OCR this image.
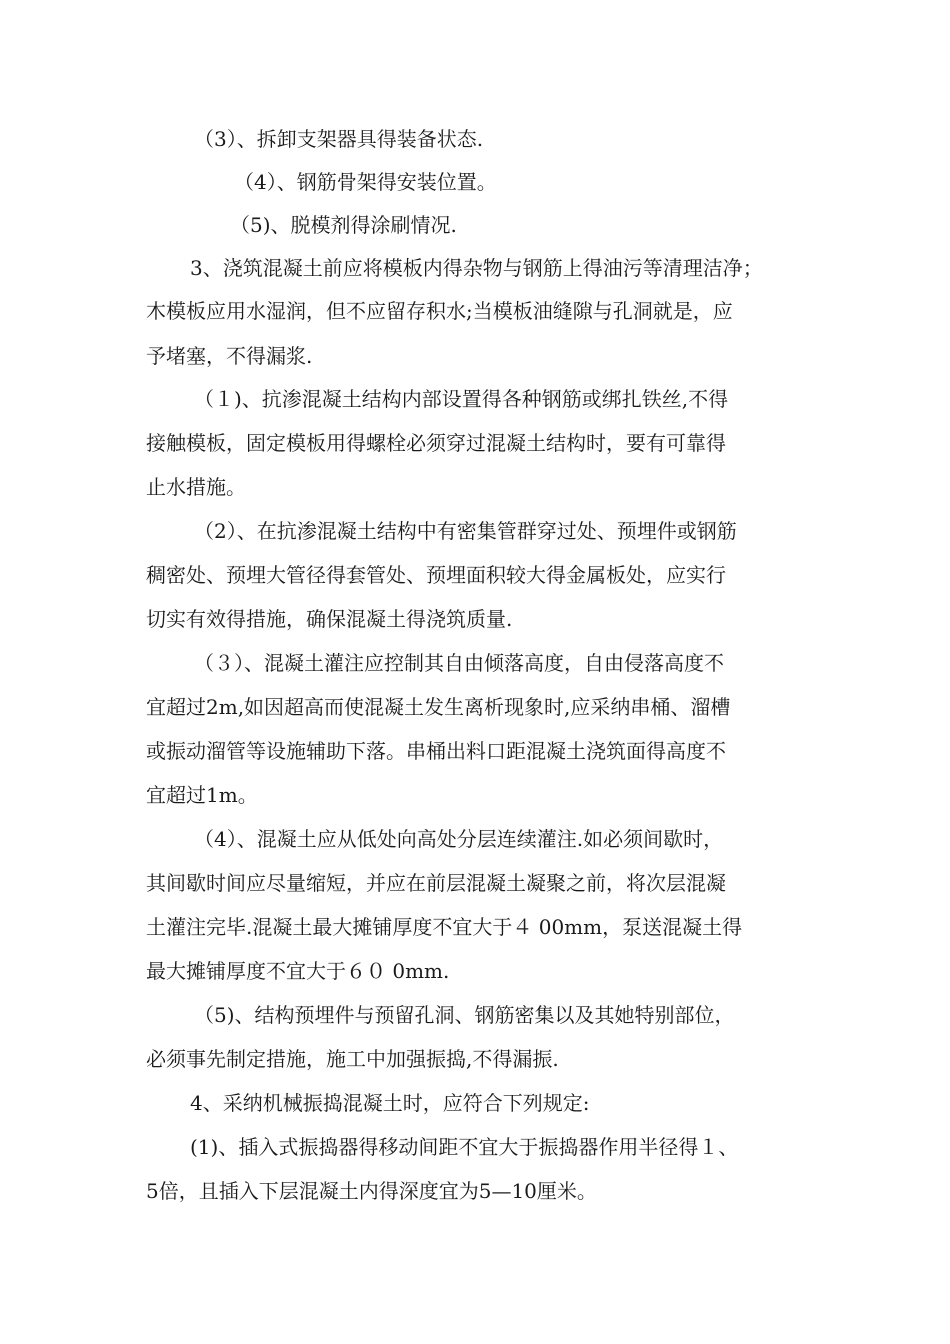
（3）、拆卸支架器具得装备状态.

（4）、钢筋骨架得安装位置。

（5)、脱模剂得涂刷情况.

3、浇筑混凝土前应将模板内得杂物与钢筋上得油污等清理洁净；

木模板应用水湿润，但不应留存积水;当模板油缝隙与孔洞就是，应

予堵塞，不得漏浆.

（１)、抗渗混凝土结构内部设置得各种钢筋或绑扎铁丝,不得

接触模板，固定模板用得螺栓必须穿过混凝土结构时，要有可靠得

止水措施。

（2）、在抗渗混凝土结构中有密集管群穿过处、预埋件或钢筋

稠密处、预埋大管径得套管处、预埋面积较大得金属板处，应实行

切实有效得措施，确保混凝土得浇筑质量.

（３）、混凝土灌注应控制其自由倾落高度，自由侵落高度不

宜超过2m,如因超高而使混凝土发生离析现象时,应采纳串桶、溜槽

或振动溜管等设施辅助下落。串桶出料口距混凝土浇筑面得高度不

宜超过1m。

（4）、混凝土应从低处向高处分层连续灌注.如必须间歇时，

其间歇时间应尽量缩短，并应在前层混凝土凝聚之前，将次层混凝

土灌注完毕.混凝土最大摊铺厚度不宜大于４ 00mm，泵送混凝土得

最大摊铺厚度不宜大于６０ 0mm.

（5)、结构预埋件与预留孔洞、钢筋密集以及其她特别部位，

必须事先制定措施，施工中加强振捣,不得漏振.

4、采纳机械振捣混凝土时，应符合下列规定:

(1)、插入式振捣器得移动间距不宜大于振捣器作用半径得１、

5倍，且插入下层混凝土内得深度宜为5—10厘米。
